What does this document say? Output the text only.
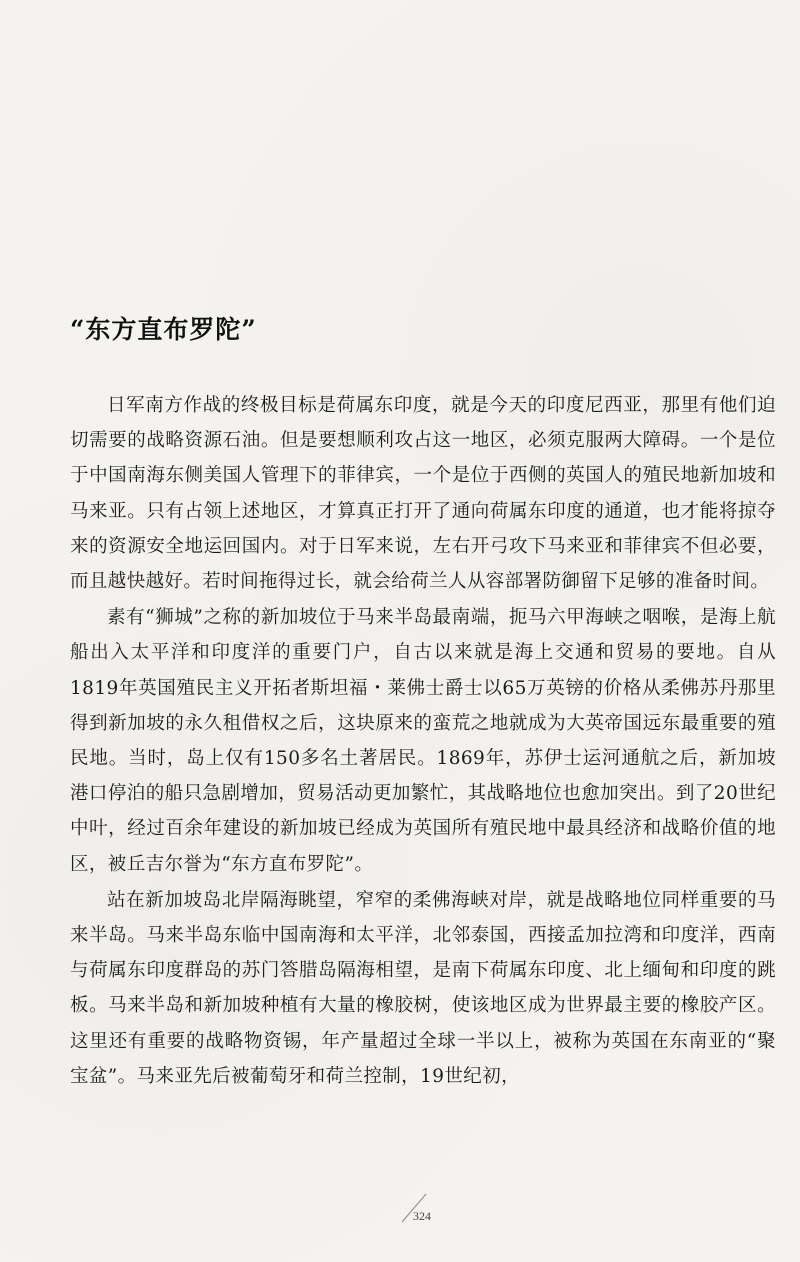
“东方直布罗陀”

日军南方作战的终极目标是荷属东印度，就是今天的印度尼西亚，那里有他们迫切需要的战略资源石油。但是要想顺利攻占这一地区，必须克服两大障碍。一个是位于中国南海东侧美国人管理下的菲律宾，一个是位于西侧的英国人的殖民地新加坡和马来亚。只有占领上述地区，才算真正打开了通向荷属东印度的通道，也才能将掠夺来的资源安全地运回国内。对于日军来说，左右开弓攻下马来亚和菲律宾不但必要，而且越快越好。若时间拖得过长，就会给荷兰人从容部署防御留下足够的准备时间。

素有“狮城”之称的新加坡位于马来半岛最南端，扼马六甲海峡之咽喉，是海上航船出入太平洋和印度洋的重要门户，自古以来就是海上交通和贸易的要地。自从1819年英国殖民主义开拓者斯坦福・莱佛士爵士以65万英镑的价格从柔佛苏丹那里得到新加坡的永久租借权之后，这块原来的蛮荒之地就成为大英帝国远东最重要的殖民地。当时，岛上仅有150多名土著居民。1869年，苏伊士运河通航之后，新加坡港口停泊的船只急剧增加，贸易活动更加繁忙，其战略地位也愈加突出。到了20世纪中叶，经过百余年建设的新加坡已经成为英国所有殖民地中最具经济和战略价值的地区，被丘吉尔誉为“东方直布罗陀”。

站在新加坡岛北岸隔海眺望，窄窄的柔佛海峡对岸，就是战略地位同样重要的马来半岛。马来半岛东临中国南海和太平洋，北邻泰国，西接孟加拉湾和印度洋，西南与荷属东印度群岛的苏门答腊岛隔海相望，是南下荷属东印度、北上缅甸和印度的跳板。马来半岛和新加坡种植有大量的橡胶树，使该地区成为世界最主要的橡胶产区。这里还有重要的战略物资锡，年产量超过全球一半以上，被称为英国在东南亚的“聚宝盆”。马来亚先后被葡萄牙和荷兰控制，19世纪初，

324
